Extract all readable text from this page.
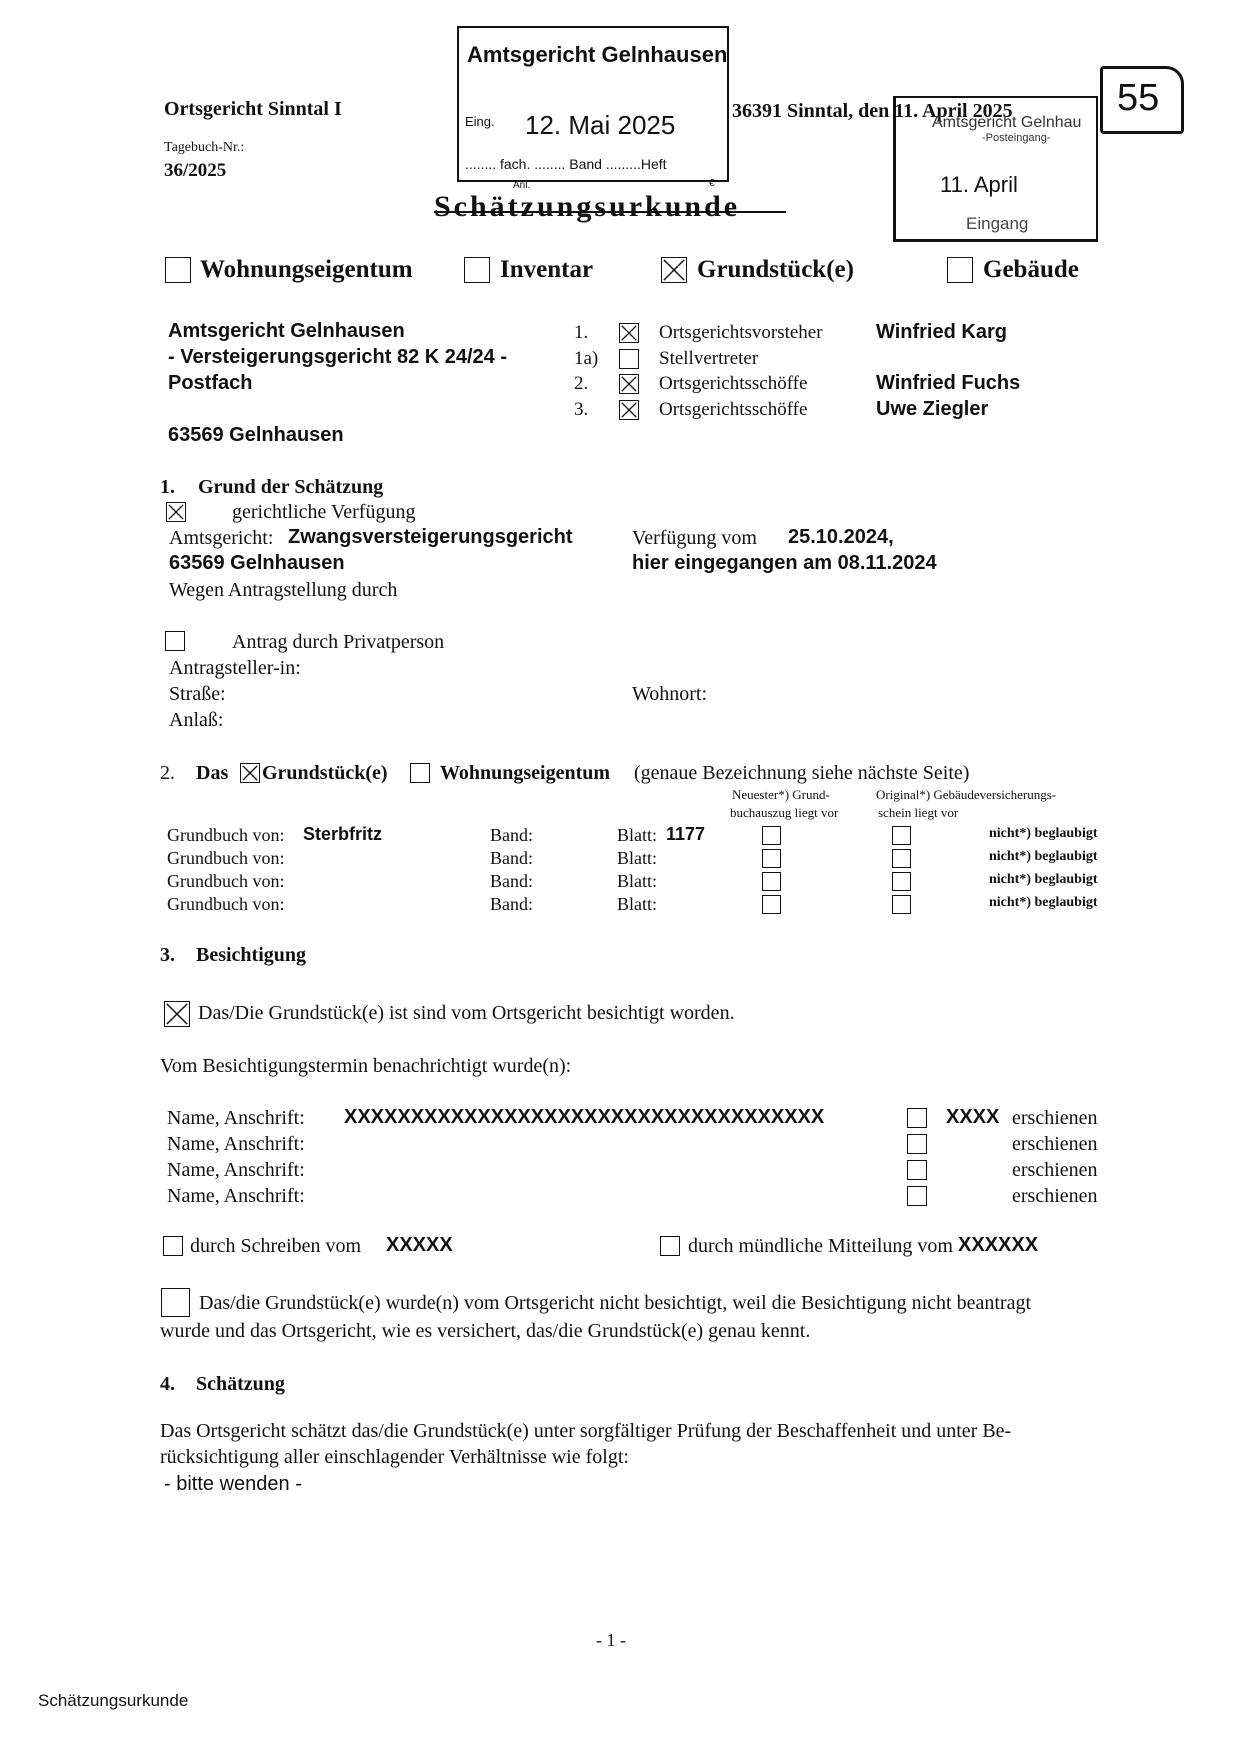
Ortsgericht Sinntal I
Tagebuch-Nr.:
36/2025
36391 Sinntal, den 11. April 2025
Amtsgericht Gelnhausen
Eing. 12. Mai 2025
........ fach. ........ Band .........Heft
Anl.	€
Amtsgericht Gelnhau
-Posteingang-
11. April
Eingang
55
Schätzungsurkunde
Wohnungseigentum	Inventar	Grundstück(e)	Gebäude
Amtsgericht Gelnhausen
- Versteigerungsgericht 82 K 24/24 -
Postfach
63569 Gelnhausen
1.	Ortsgerichtsvorsteher	Winfried Karg
1a)	Stellvertreter
2.	Ortsgerichtsschöffe	Winfried Fuchs
3.	Ortsgerichtsschöffe	Uwe Ziegler
1. Grund der Schätzung
gerichtliche Verfügung
Amtsgericht: Zwangsversteigerungsgericht
63569 Gelnhausen
Verfügung vom 25.10.2024,
hier eingegangen am 08.11.2024
Wegen Antragstellung durch
Antrag durch Privatperson
Antragsteller-in:
Straße:	Wohnort:
Anlaß:
2. Das Grundstück(e)	Wohnungseigentum (genaue Bezeichnung siehe nächste Seite)
Neuester*) Grund-
buchauszug liegt vor
Original*) Gebäudeversicherungs-
schein liegt vor
Grundbuch von: Sterbfritz	Band:	Blatt: 1177	nicht*) beglaubigt
Grundbuch von:	Band:	Blatt:	nicht*) beglaubigt
Grundbuch von:	Band:	Blatt:	nicht*) beglaubigt
Grundbuch von:	Band:	Blatt:	nicht*) beglaubigt
3. Besichtigung
Das/Die Grundstück(e) ist sind vom Ortsgericht besichtigt worden.
Vom Besichtigungstermin benachrichtigt wurde(n):
Name, Anschrift: XXXXXXXXXXXXXXXXXXXXXXXXXXXXXXXXXXXX	XXXX erschienen
Name, Anschrift:	erschienen
Name, Anschrift:	erschienen
Name, Anschrift:	erschienen
durch Schreiben vom XXXXX	durch mündliche Mitteilung vom XXXXXX
Das/die Grundstück(e) wurde(n) vom Ortsgericht nicht besichtigt, weil die Besichtigung nicht beantragt
wurde und das Ortsgericht, wie es versichert, das/die Grundstück(e) genau kennt.
4. Schätzung
Das Ortsgericht schätzt das/die Grundstück(e) unter sorgfältiger Prüfung der Beschaffenheit und unter Be-
rücksichtigung aller einschlagender Verhältnisse wie folgt:
- bitte wenden -
- 1 -
Schätzungsurkunde
